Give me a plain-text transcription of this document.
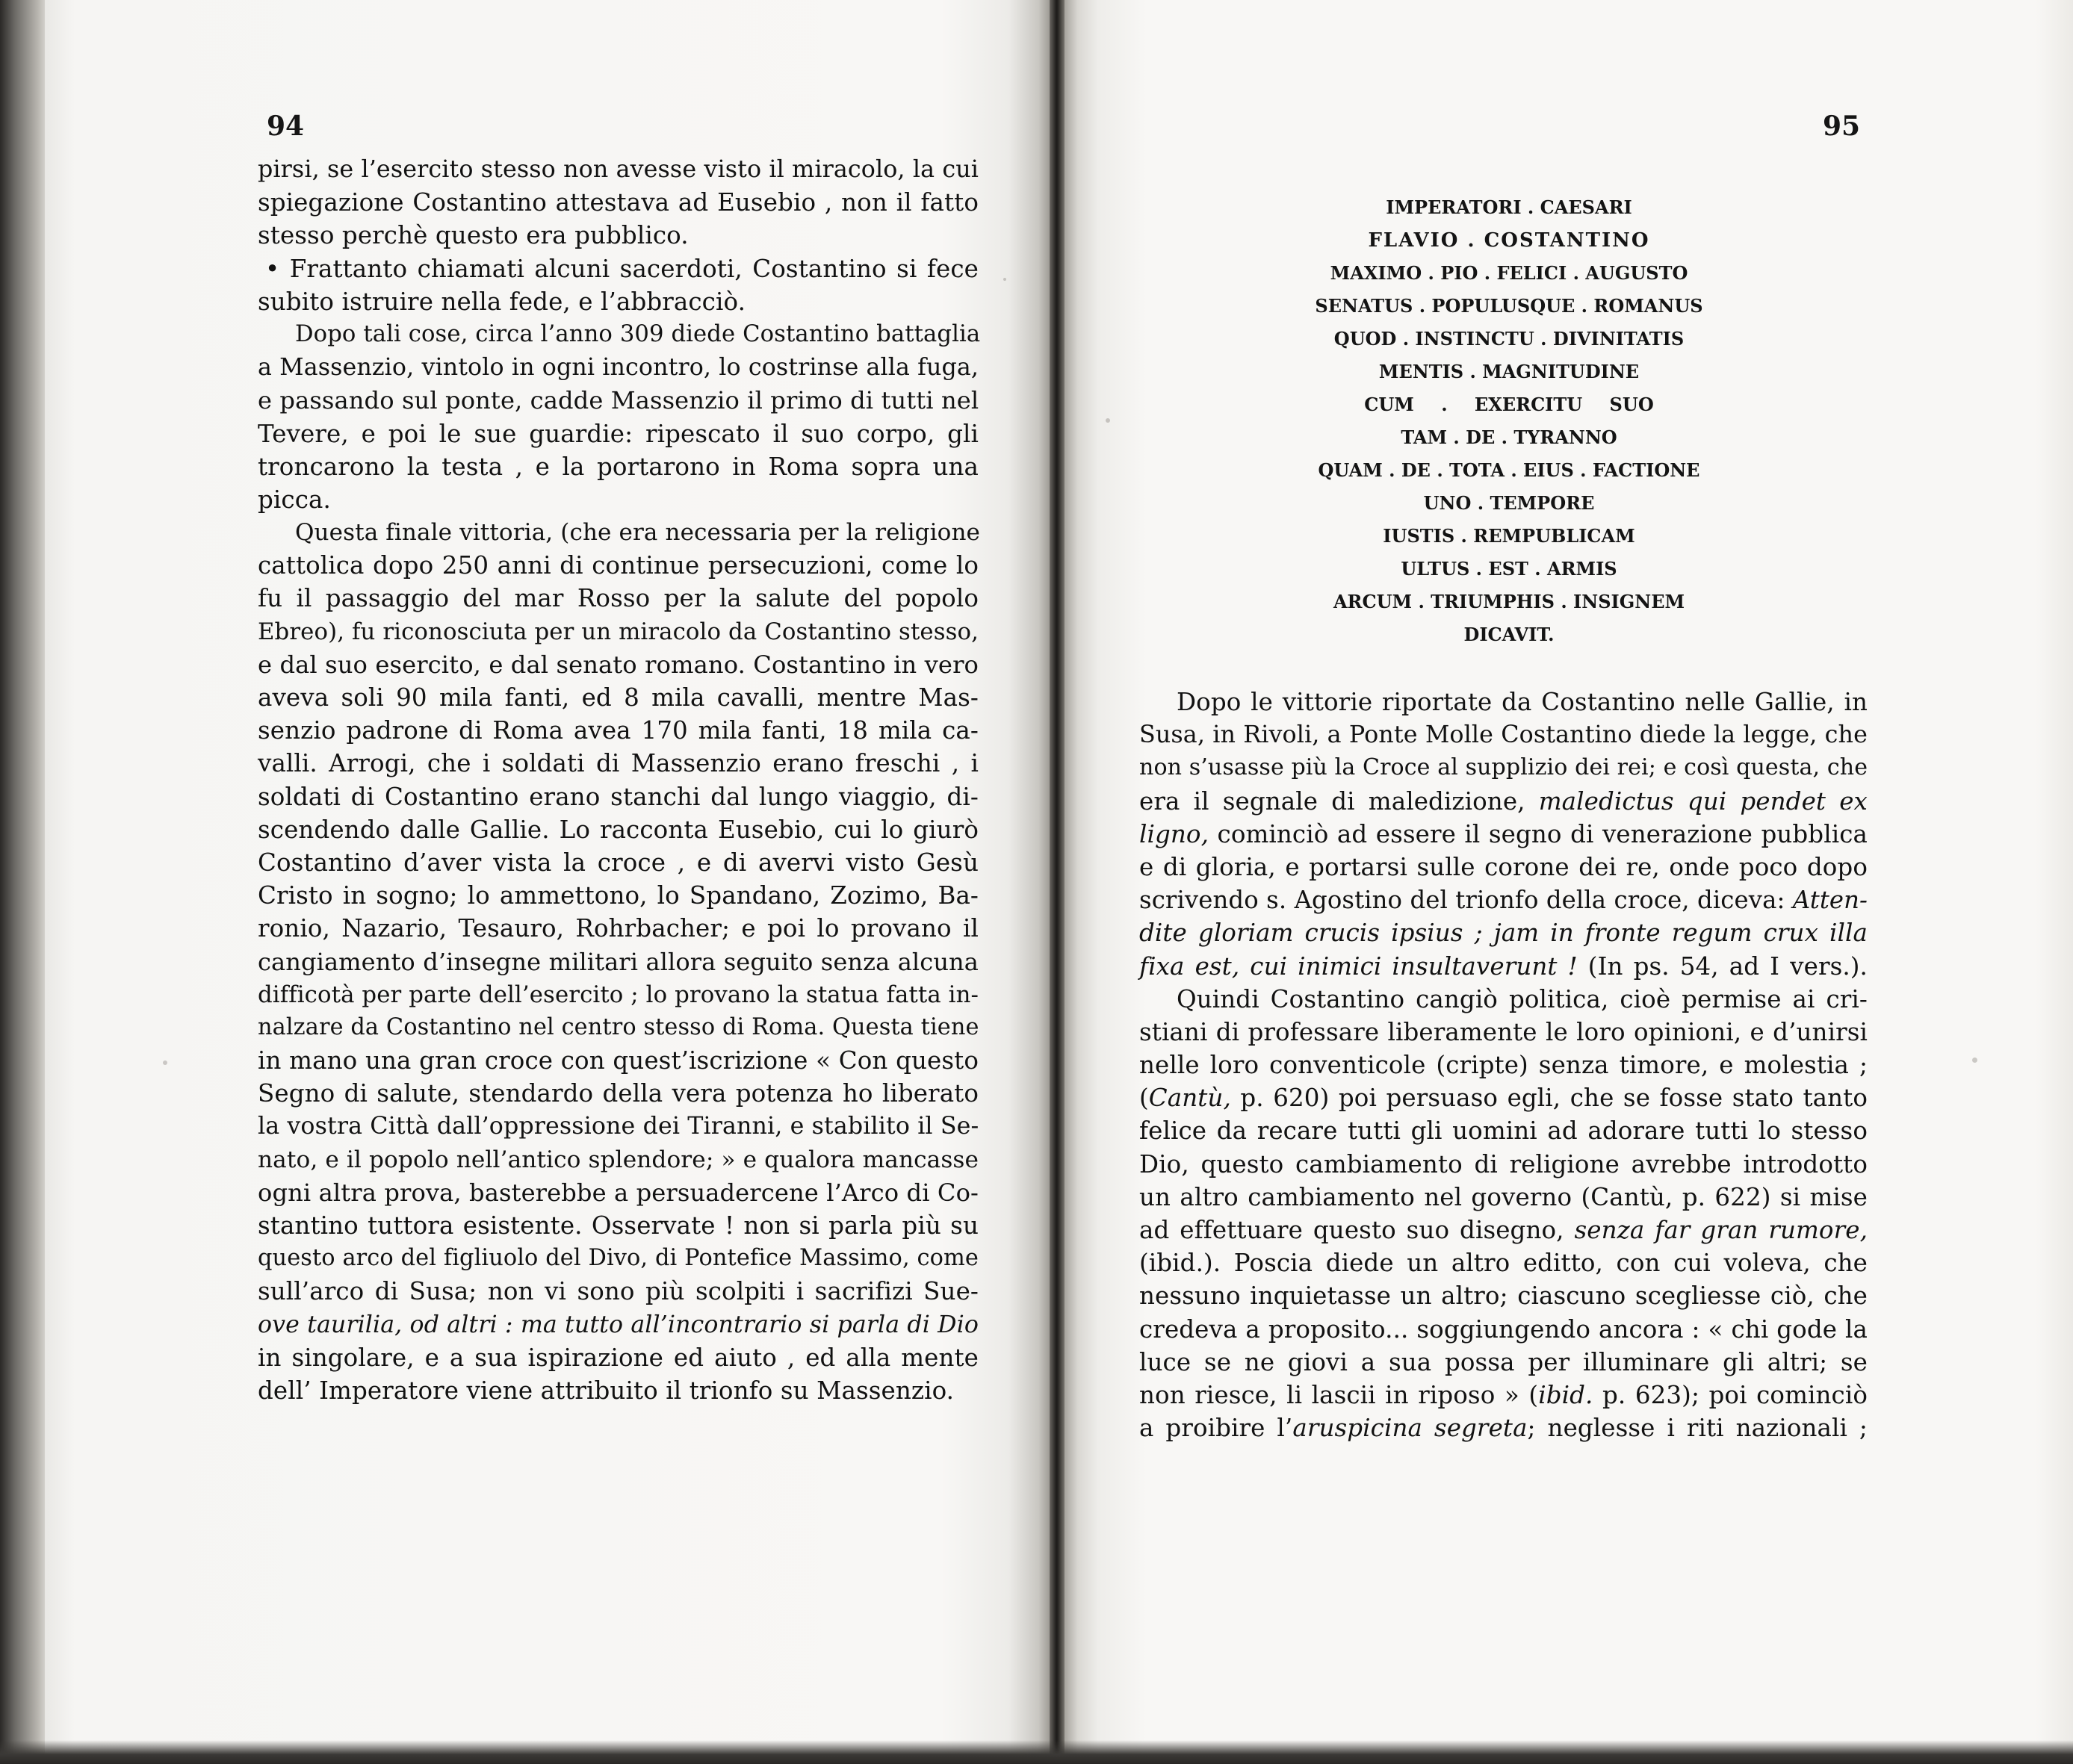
94
pirsi, se l’esercito stesso non avesse visto il miracolo, la cui
spiegazione Costantino attestava ad Eusebio , non il fatto
stesso perchè questo era pubblico.
• Frattanto chiamati alcuni sacerdoti, Costantino si fece
subito istruire nella fede, e l’abbracciò.
Dopo tali cose, circa l’anno 309 diede Costantino battaglia
a Massenzio, vintolo in ogni incontro, lo costrinse alla fuga,
e passando sul ponte, cadde Massenzio il primo di tutti nel
Tevere, e poi le sue guardie: ripescato il suo corpo, gli
troncarono la testa , e la portarono in Roma sopra una
picca.
Questa finale vittoria, (che era necessaria per la religione
cattolica dopo 250 anni di continue persecuzioni, come lo
fu il passaggio del mar Rosso per la salute del popolo
Ebreo), fu riconosciuta per un miracolo da Costantino stesso,
e dal suo esercito, e dal senato romano. Costantino in vero
aveva soli 90 mila fanti, ed 8 mila cavalli, mentre Mas-
senzio padrone di Roma avea 170 mila fanti, 18 mila ca-
valli. Arrogi, che i soldati di Massenzio erano freschi , i
soldati di Costantino erano stanchi dal lungo viaggio, di-
scendendo dalle Gallie. Lo racconta Eusebio, cui lo giurò
Costantino d’aver vista la croce , e di avervi visto Gesù
Cristo in sogno; lo ammettono, lo Spandano, Zozimo, Ba-
ronio, Nazario, Tesauro, Rohrbacher; e poi lo provano il
cangiamento d’insegne militari allora seguito senza alcuna
difficotà per parte dell’esercito ; lo provano la statua fatta in-
nalzare da Costantino nel centro stesso di Roma. Questa tiene
in mano una gran croce con quest’iscrizione « Con questo
Segno di salute, stendardo della vera potenza ho liberato
la vostra Città dall’oppressione dei Tiranni, e stabilito il Se-
nato, e il popolo nell’antico splendore; » e qualora mancasse
ogni altra prova, basterebbe a persuadercene l’Arco di Co-
stantino tuttora esistente. Osservate ! non si parla più su
questo arco del figliuolo del Divo, di Pontefice Massimo, come
sull’arco di Susa; non vi sono più scolpiti i sacrifizi Sue-
ove taurilia, od altri : ma tutto all’incontrario si parla di Dio
in singolare, e a sua ispirazione ed aiuto , ed alla mente
dell’ Imperatore viene attribuito il trionfo su Massenzio.
95
IMPERATORI . CAESARI
FLAVIO . COSTANTINO
MAXIMO . PIO . FELICI . AUGUSTO
SENATUS . POPULUSQUE . ROMANUS
QUOD . INSTINCTU . DIVINITATIS
MENTIS . MAGNITUDINE
CUM . EXERCITU SUO
TAM . DE . TYRANNO
QUAM . DE . TOTA . EIUS . FACTIONE
UNO . TEMPORE
IUSTIS . REMPUBLICAM
ULTUS . EST . ARMIS
ARCUM . TRIUMPHIS . INSIGNEM
DICAVIT.
Dopo le vittorie riportate da Costantino nelle Gallie, in
Susa, in Rivoli, a Ponte Molle Costantino diede la legge, che
non s’usasse più la Croce al supplizio dei rei; e così questa, che
era il segnale di maledizione, maledictus qui pendet ex
ligno, cominciò ad essere il segno di venerazione pubblica
e di gloria, e portarsi sulle corone dei re, onde poco dopo
scrivendo s. Agostino del trionfo della croce, diceva: Atten-
dite gloriam crucis ipsius ; jam in fronte regum crux illa
fixa est, cui inimici insultaverunt ! (In ps. 54, ad I vers.).
Quindi Costantino cangiò politica, cioè permise ai cri-
stiani di professare liberamente le loro opinioni, e d’unirsi
nelle loro conventicole (cripte) senza timore, e molestia ;
(Cantù, p. 620) poi persuaso egli, che se fosse stato tanto
felice da recare tutti gli uomini ad adorare tutti lo stesso
Dio, questo cambiamento di religione avrebbe introdotto
un altro cambiamento nel governo (Cantù, p. 622) si mise
ad effettuare questo suo disegno, senza far gran rumore,
(ibid.). Poscia diede un altro editto, con cui voleva, che
nessuno inquietasse un altro; ciascuno scegliesse ciò, che
credeva a proposito... soggiungendo ancora : « chi gode la
luce se ne giovi a sua possa per illuminare gli altri; se
non riesce, li lascii in riposo » (ibid. p. 623); poi cominciò
a proibire l’aruspicina segreta; neglesse i riti nazionali ;
